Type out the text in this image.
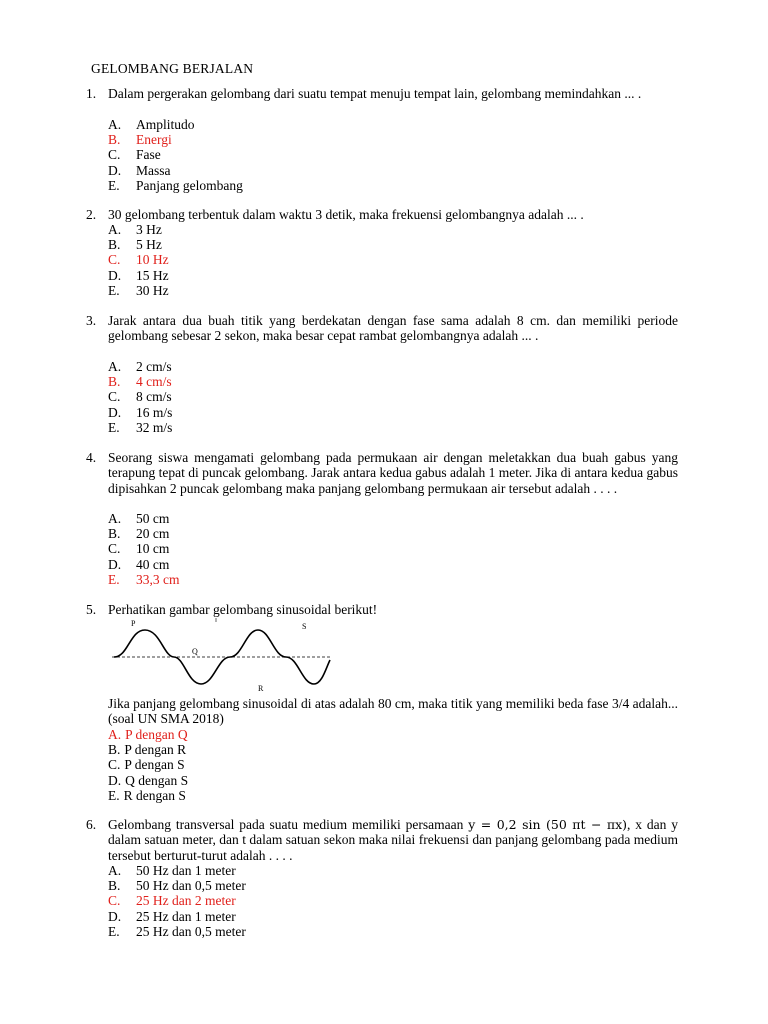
GELOMBANG BERJALAN
1. Dalam pergerakan gelombang dari suatu tempat menuju tempat lain, gelombang memindahkan ... .
A. Amplitudo
B. Energi
C. Fase
D. Massa
E. Panjang gelombang
2. 30 gelombang terbentuk dalam waktu 3 detik, maka frekuensi gelombangnya adalah ... .
A. 3 Hz
B. 5 Hz
C. 10 Hz
D. 15 Hz
E. 30 Hz
3. Jarak antara dua buah titik yang berdekatan dengan fase sama adalah 8 cm. dan memiliki periode gelombang sebesar 2 sekon, maka besar cepat rambat gelombangnya adalah ... .
A. 2 cm/s
B. 4 cm/s
C. 8 cm/s
D. 16 m/s
E. 32 m/s
4. Seorang siswa mengamati gelombang pada permukaan air dengan meletakkan dua buah gabus yang terapung tepat di puncak gelombang. Jarak antara kedua gabus adalah 1 meter. Jika di antara kedua gabus dipisahkan 2 puncak gelombang maka panjang gelombang permukaan air tersebut adalah . . . .
A. 50 cm
B. 20 cm
C. 10 cm
D. 40 cm
E. 33,3 cm
5. Perhatikan gambar gelombang sinusoidal berikut!
P
Q
R
S
Jika panjang gelombang sinusoidal di atas adalah 80 cm, maka titik yang memiliki beda fase 3/4 adalah... (soal UN SMA 2018)
A. P dengan Q
B. P dengan R
C. P dengan S
D. Q dengan S
E. R dengan S
6. Gelombang transversal pada suatu medium memiliki persamaan y = 0,2 sin (50 πt − πx), x dan y dalam satuan meter, dan t dalam satuan sekon maka nilai frekuensi dan panjang gelombang pada medium tersebut berturut-turut adalah . . . .
A. 50 Hz dan 1 meter
B. 50 Hz dan 0,5 meter
C. 25 Hz dan 2 meter
D. 25 Hz dan 1 meter
E. 25 Hz dan 0,5 meter
